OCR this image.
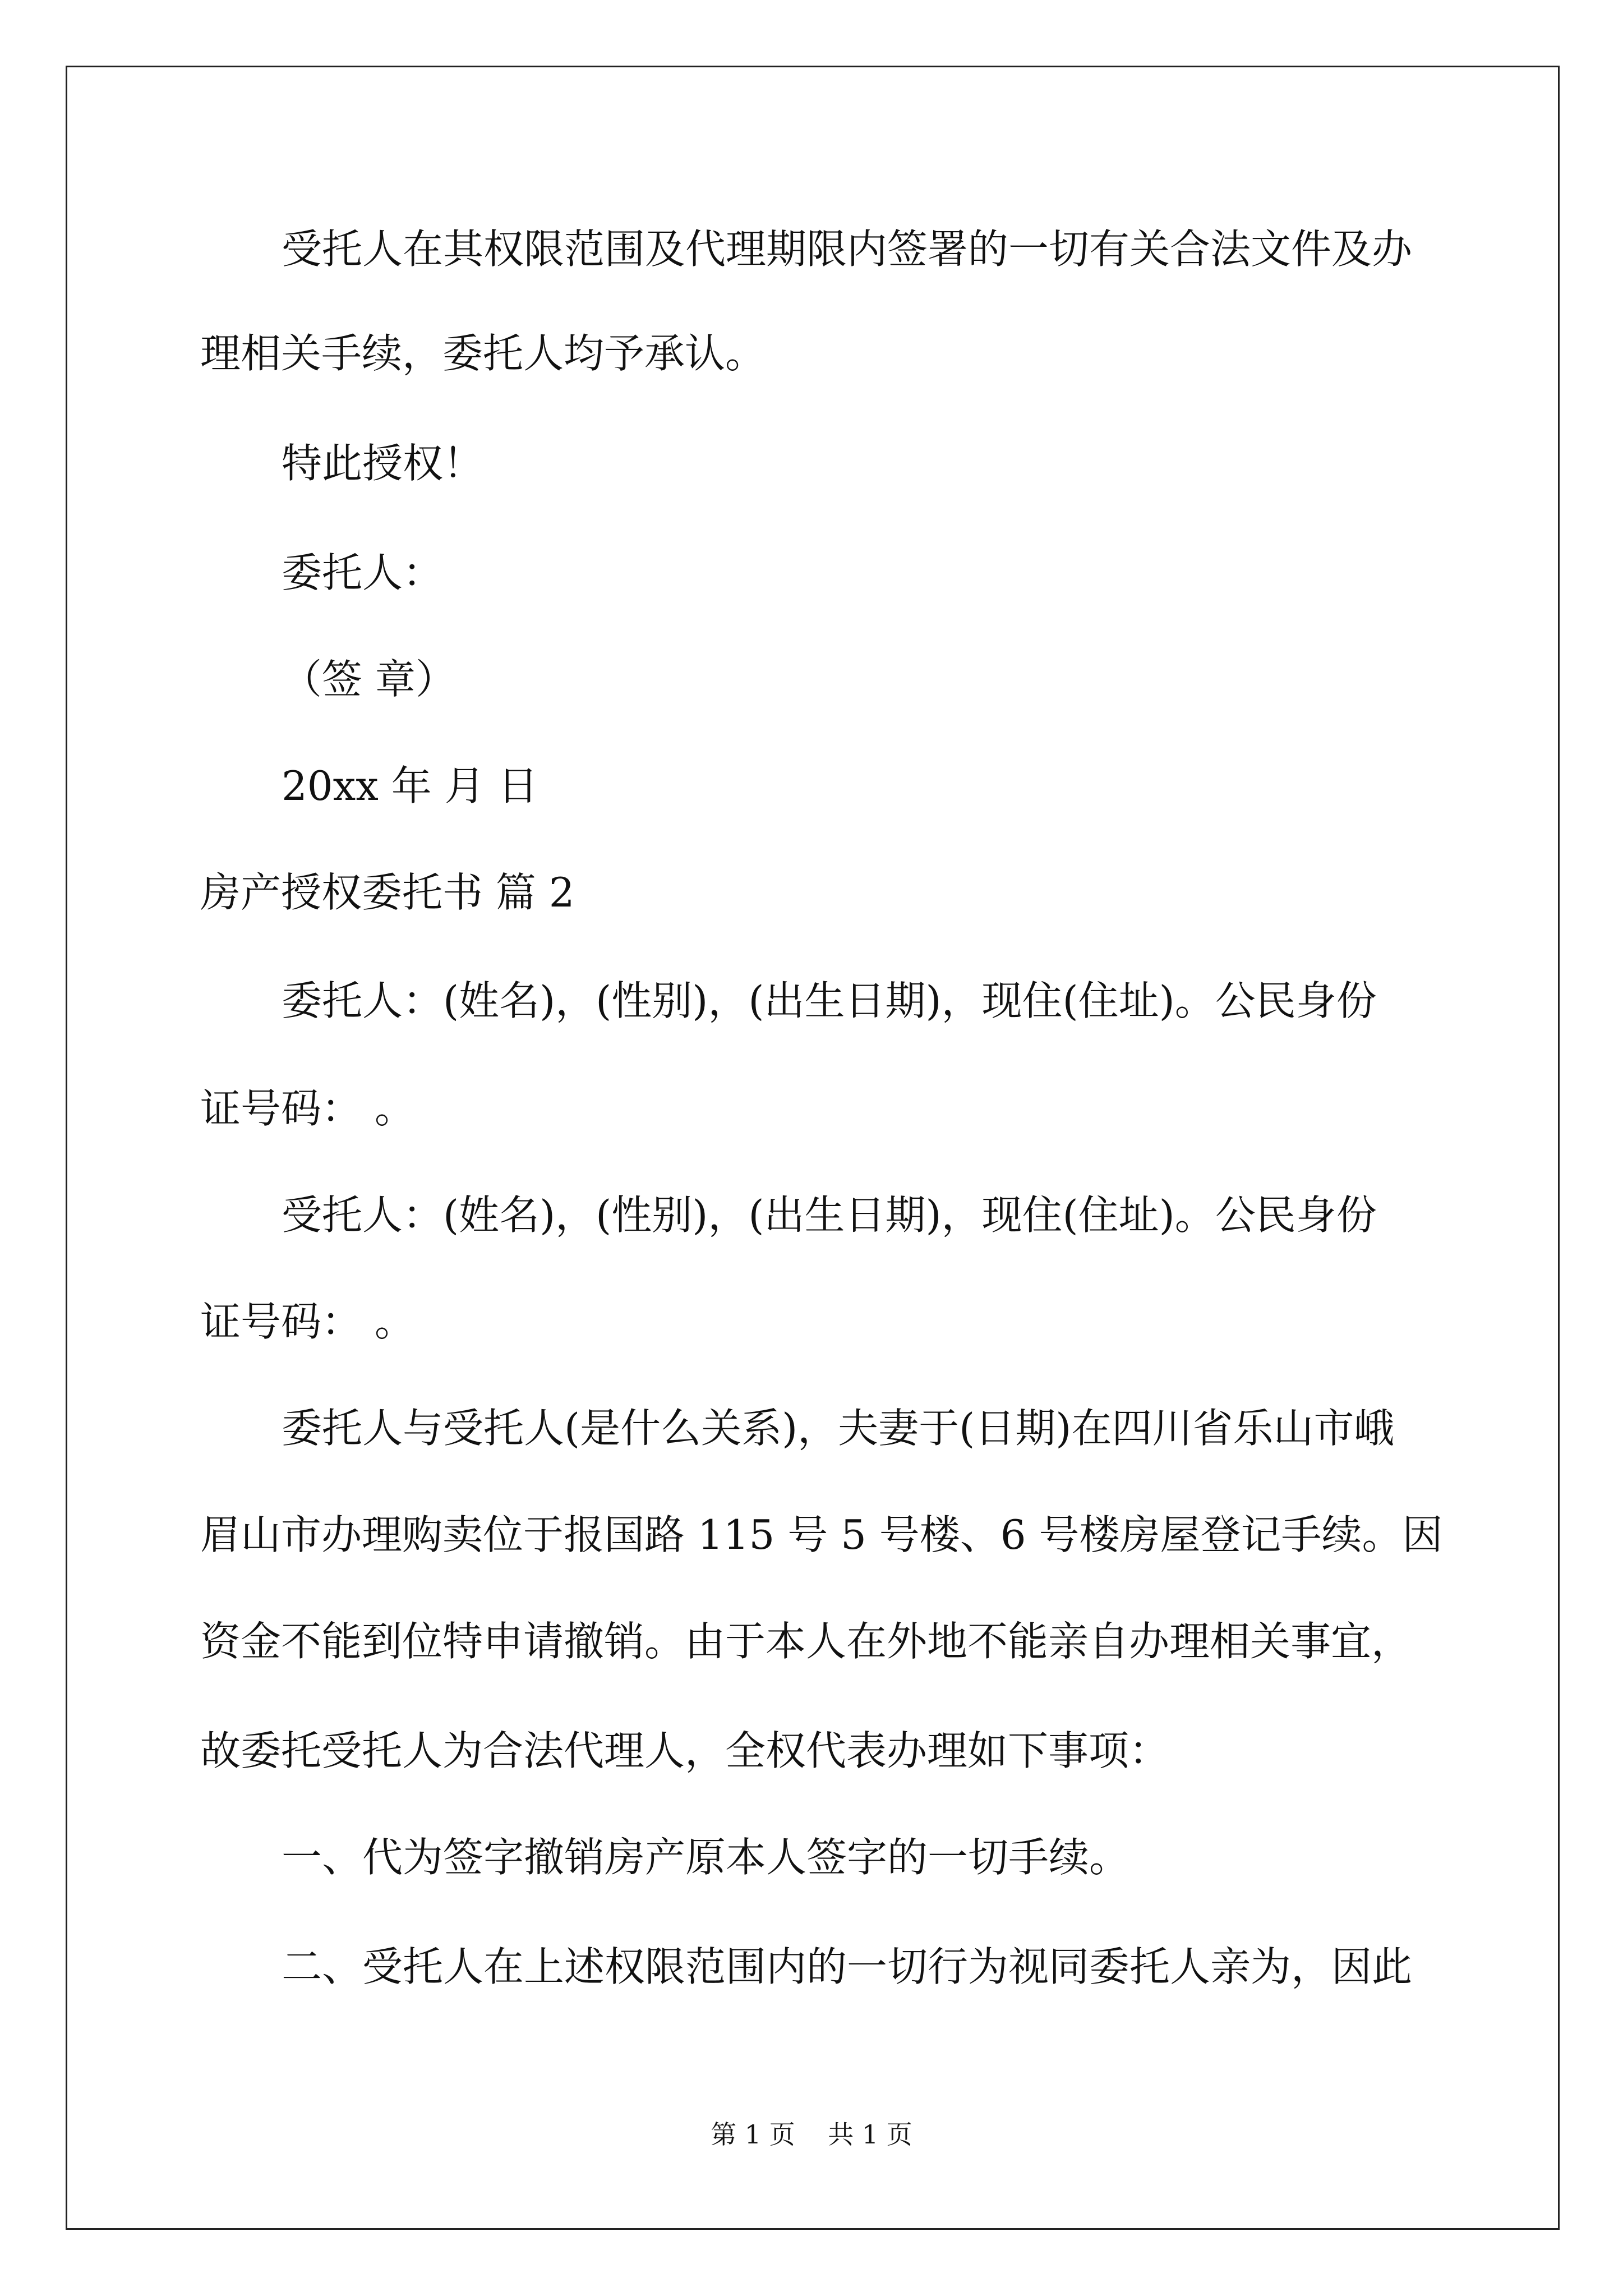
受托人在其权限范围及代理期限内签署的一切有关合法文件及办
理相关手续，委托人均予承认。
特此授权！
委托人：
（签 章）
20xx 年 月 日
房产授权委托书 篇 2
委托人：(姓名)，(性别)，(出生日期)，现住(住址)。公民身份
证号码： 。
受托人：(姓名)，(性别)，(出生日期)，现住(住址)。公民身份
证号码： 。
委托人与受托人(是什么关系)，夫妻于(日期)在四川省乐山市峨
眉山市办理购卖位于报国路 115 号 5 号楼、6 号楼房屋登记手续。因
资金不能到位特申请撤销。由于本人在外地不能亲自办理相关事宜，
故委托受托人为合法代理人，全权代表办理如下事项：
一、代为签字撤销房产原本人签字的一切手续。
二、受托人在上述权限范围内的一切行为视同委托人亲为，因此
第 1 页    共 1 页
